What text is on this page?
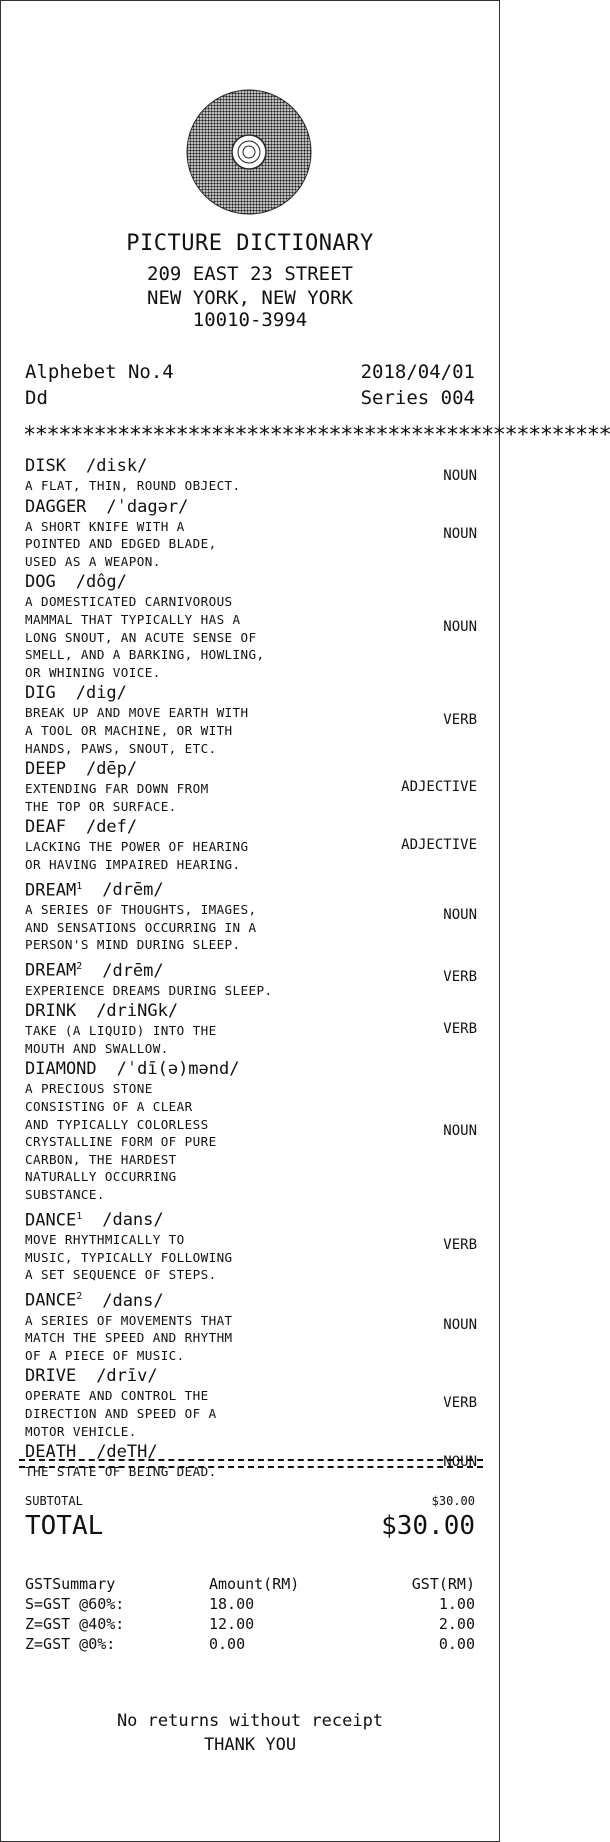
PICTURE DICTIONARY
209 EAST 23 STREET
NEW YORK, NEW YORK
10010-3994
Alphebet No.4	2018/04/01
Dd	Series 004
**************************************************
DISK /disk/
A FLAT, THIN, ROUND OBJECT.
NOUN
DAGGER /ˈdagər/
A SHORT KNIFE WITH A
POINTED AND EDGED BLADE,
USED AS A WEAPON.
NOUN
DOG /dôg/
A DOMESTICATED CARNIVOROUS
MAMMAL THAT TYPICALLY HAS A
LONG SNOUT, AN ACUTE SENSE OF
SMELL, AND A BARKING, HOWLING,
OR WHINING VOICE.
NOUN
DIG /dig/
BREAK UP AND MOVE EARTH WITH
A TOOL OR MACHINE, OR WITH
HANDS, PAWS, SNOUT, ETC.
VERB
DEEP /dēp/
EXTENDING FAR DOWN FROM
THE TOP OR SURFACE.
ADJECTIVE
DEAF /def/
LACKING THE POWER OF HEARING
OR HAVING IMPAIRED HEARING.
ADJECTIVE
DREAM$^1$ /drēm/
A SERIES OF THOUGHTS, IMAGES,
AND SENSATIONS OCCURRING IN A
PERSON'S MIND DURING SLEEP.
NOUN
DREAM$^2$ /drēm/
EXPERIENCE DREAMS DURING SLEEP.
VERB
DRINK /driNGk/
TAKE (A LIQUID) INTO THE
MOUTH AND SWALLOW.
VERB
DIAMOND /ˈdī(ə)mənd/
A PRECIOUS STONE
CONSISTING OF A CLEAR
AND TYPICALLY COLORLESS
CRYSTALLINE FORM OF PURE
CARBON, THE HARDEST
NATURALLY OCCURRING
SUBSTANCE.
NOUN
DANCE$^1$ /dans/
MOVE RHYTHMICALLY TO
MUSIC, TYPICALLY FOLLOWING
A SET SEQUENCE OF STEPS.
VERB
DANCE$^2$ /dans/
A SERIES OF MOVEMENTS THAT
MATCH THE SPEED AND RHYTHM
OF A PIECE OF MUSIC.
NOUN
DRIVE /drīv/
OPERATE AND CONTROL THE
DIRECTION AND SPEED OF A
MOTOR VEHICLE.
VERB
DEATH /deTH/
THE STATE OF BEING DEAD.
NOUN
SUBTOTAL	$30.00
TOTAL	$30.00
GSTSummary	Amount(RM)	GST(RM)
S=GST @60%:	18.00	1.00
Z=GST @40%:	12.00	2.00
Z=GST @0%:	0.00	0.00
No returns without receipt
THANK YOU
